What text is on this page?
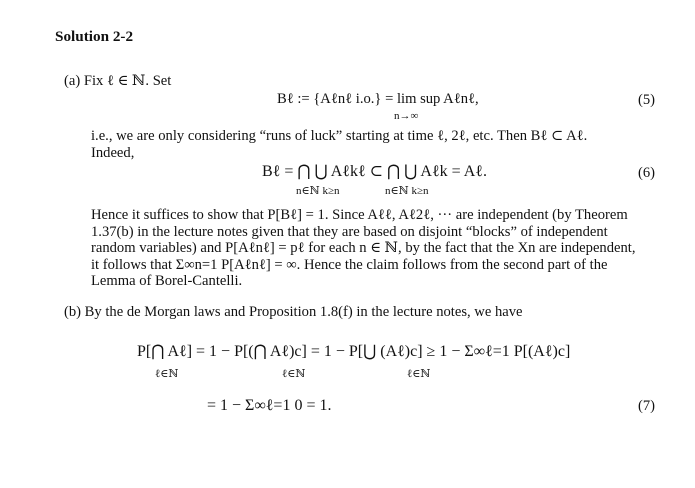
Solution 2-2
(a) Fix ℓ ∈ ℕ. Set
Bℓ := {Aℓnℓ i.o.} = lim sup Aℓnℓ,
n→∞
(5)
i.e., we are only considering “runs of luck” starting at time ℓ, 2ℓ, etc. Then Bℓ ⊂ Aℓ.
Indeed,
Bℓ = ⋂ ⋃ Aℓkℓ ⊂ ⋂ ⋃ Aℓk = Aℓ.
n∈ℕ k≥n	n∈ℕ k≥n
(6)
Hence it suffices to show that P[Bℓ] = 1. Since Aℓℓ, Aℓ2ℓ, ··· are independent (by Theorem
1.37(b) in the lecture notes given that they are based on disjoint “blocks” of independent
random variables) and P[Aℓnℓ] = pℓ for each n ∈ ℕ, by the fact that the Xn are independent,
it follows that Σ∞n=1 P[Aℓnℓ] = ∞. Hence the claim follows from the second part of the
Lemma of Borel-Cantelli.
(b) By the de Morgan laws and Proposition 1.8(f) in the lecture notes, we have
P[⋂ Aℓ] = 1 − P[(⋂ Aℓ)c] = 1 − P[⋃ (Aℓ)c] ≥ 1 − Σ∞ℓ=1 P[(Aℓ)c]
ℓ∈ℕ	ℓ∈ℕ	ℓ∈ℕ
= 1 − Σ∞ℓ=1 0 = 1.	(7)
